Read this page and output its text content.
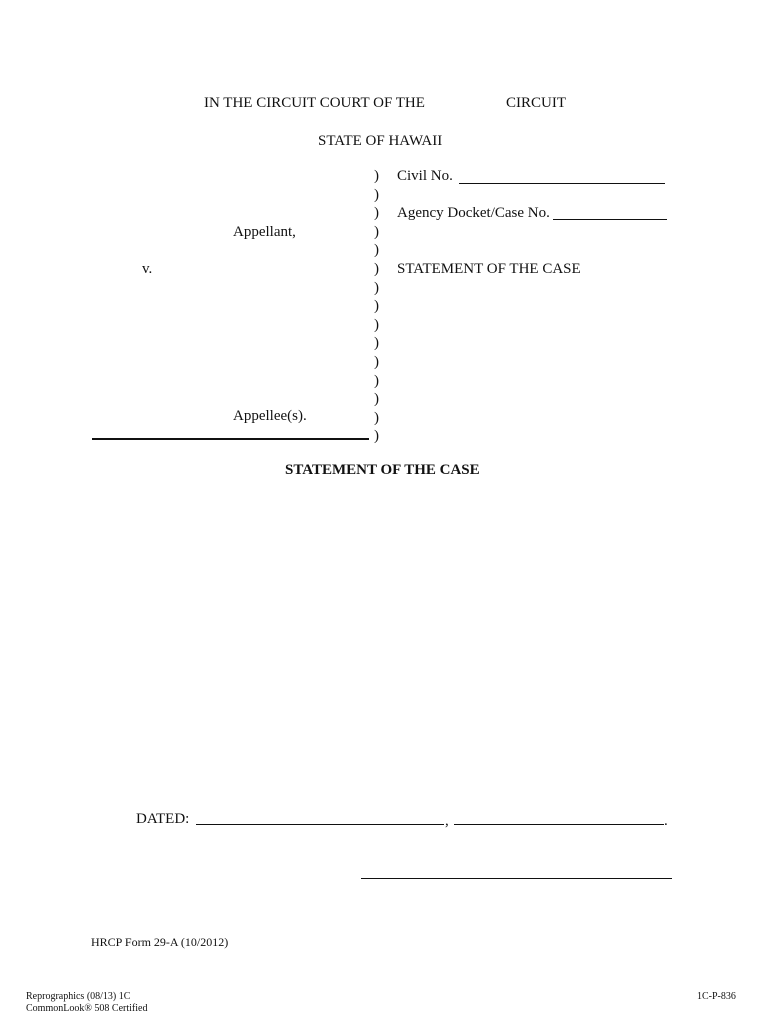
IN THE CIRCUIT COURT OF THE	CIRCUIT
STATE OF HAWAII
Appellant,
v.
Appellee(s).
)
)
)
)
)
)
)
)
)
)
)
)
)
)
)
Civil No.
Agency Docket/Case No.
STATEMENT OF THE CASE
STATEMENT OF THE CASE
DATED:	,	.
HRCP Form 29-A (10/2012)
Reprographics (08/13) 1C
CommonLook® 508 Certified
1C-P-836
